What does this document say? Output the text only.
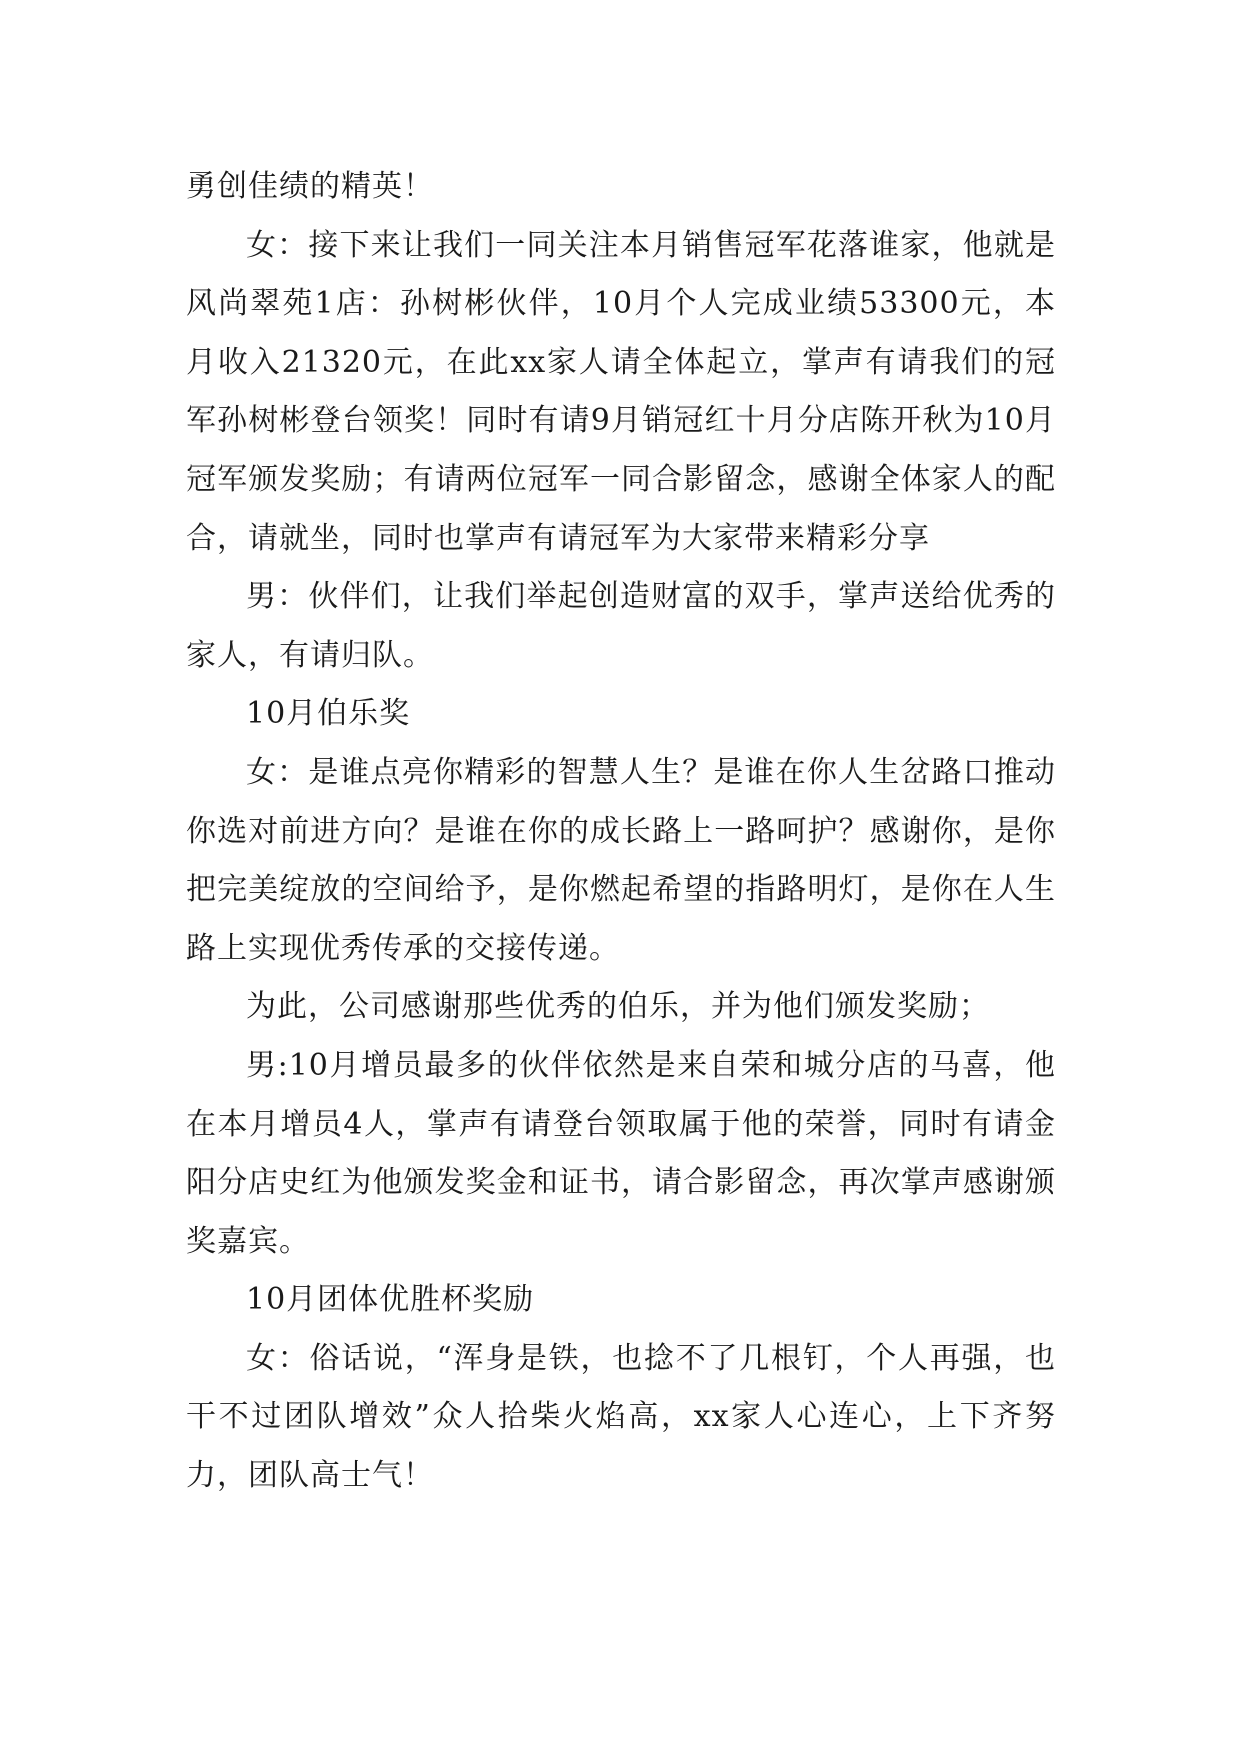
勇创佳绩的精英！

女：接下来让我们一同关注本月销售冠军花落谁家，他就是风尚翠苑1店：孙树彬伙伴，10月个人完成业绩53300元，本月收入21320元，在此xx家人请全体起立，掌声有请我们的冠军孙树彬登台领奖！同时有请9月销冠红十月分店陈开秋为10月冠军颁发奖励；有请两位冠军一同合影留念，感谢全体家人的配合，请就坐，同时也掌声有请冠军为大家带来精彩分享

男：伙伴们，让我们举起创造财富的双手，掌声送给优秀的家人，有请归队。

10月伯乐奖

女：是谁点亮你精彩的智慧人生？是谁在你人生岔路口推动你选对前进方向？是谁在你的成长路上一路呵护？感谢你，是你把完美绽放的空间给予，是你燃起希望的指路明灯，是你在人生路上实现优秀传承的交接传递。

为此，公司感谢那些优秀的伯乐，并为他们颁发奖励；

男:10月增员最多的伙伴依然是来自荣和城分店的马喜，他在本月增员4人，掌声有请登台领取属于他的荣誉，同时有请金阳分店史红为他颁发奖金和证书，请合影留念，再次掌声感谢颁奖嘉宾。

10月团体优胜杯奖励

女：俗话说，“浑身是铁，也捻不了几根钉，个人再强，也干不过团队增效”众人拾柴火焰高，xx家人心连心，上下齐努力，团队高士气！
